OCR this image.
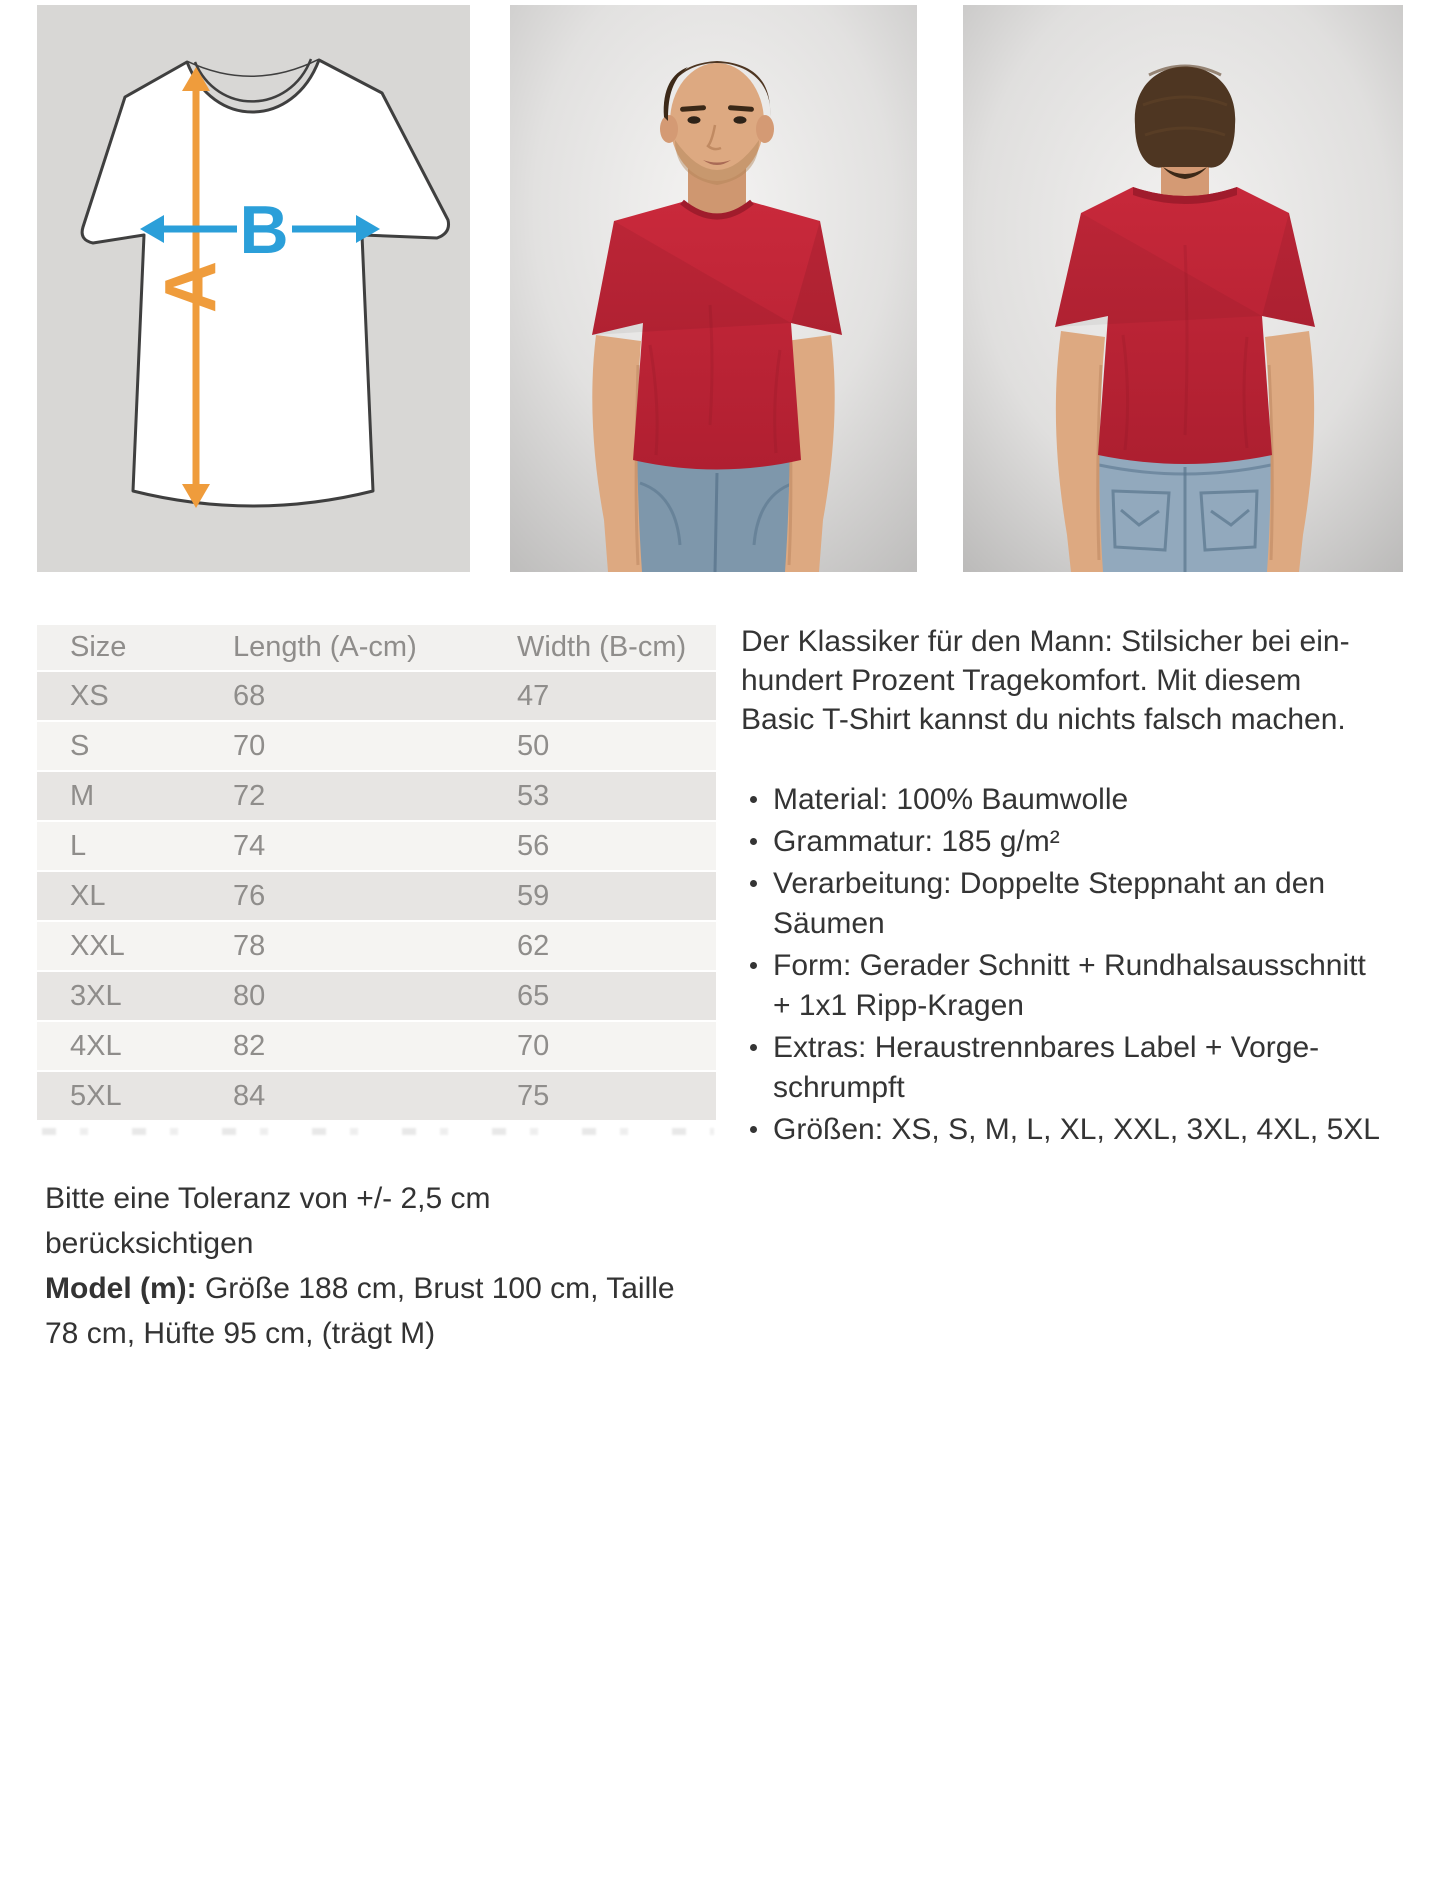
A
B
Size	Length (A-cm)	Width (B-cm)
XS	68	47
S	70	50
M	72	53
L	74	56
XL	76	59
XXL	78	62
3XL	80	65
4XL	82	70
5XL	84	75
Der Klassiker für den Mann: Stilsicher bei ein-
hundert Prozent Tragekomfort. Mit diesem
Basic T-Shirt kannst du nichts falsch machen.
Material: 100% Baumwolle
Grammatur: 185 g/m²
Verarbeitung: Doppelte Steppnaht an den
Säumen
Form: Gerader Schnitt + Rundhalsausschnitt
+ 1x1 Ripp-Kragen
Extras: Heraustrennbares Label + Vorge-
schrumpft
Größen: XS, S, M, L, XL, XXL, 3XL, 4XL, 5XL
Bitte eine Toleranz von +/- 2,5 cm berücksichtigen
Model (m): Größe 188 cm, Brust 100 cm, Taille
78 cm, Hüfte 95 cm, (trägt M)
